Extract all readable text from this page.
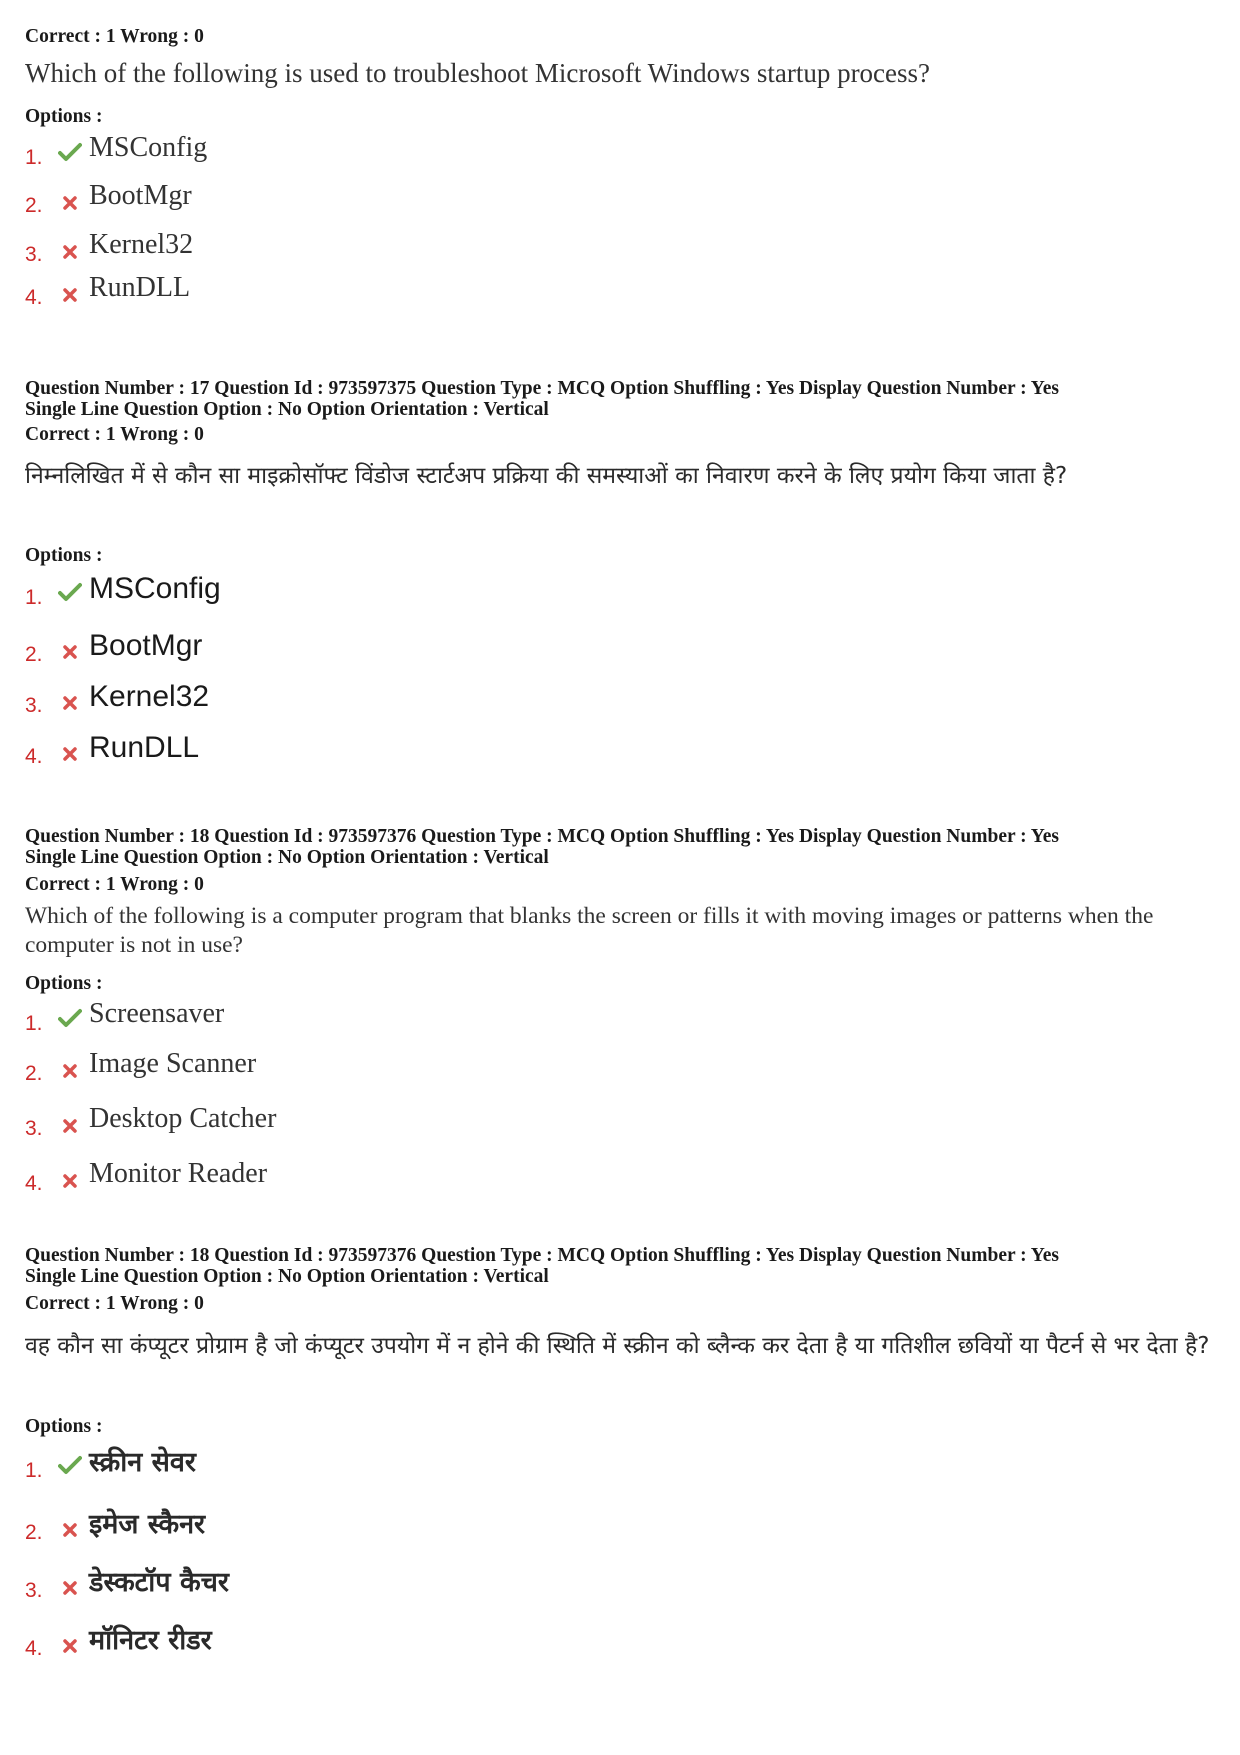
Correct : 1 Wrong : 0
Which of the following is used to troubleshoot Microsoft Windows startup process?
Options :
1.	MSConfig
2.	BootMgr
3.	Kernel32
4.	RunDLL
Question Number : 17 Question Id : 973597375 Question Type : MCQ Option Shuffling : Yes Display Question Number : Yes
Single Line Question Option : No Option Orientation : Vertical
Correct : 1 Wrong : 0
निम्नलिखित में से कौन सा माइक्रोसॉफ्ट विंडोज स्टार्टअप प्रक्रिया की समस्याओं का निवारण करने के लिए प्रयोग किया जाता है?
Options :
1.	MSConfig
2.	BootMgr
3.	Kernel32
4.	RunDLL
Question Number : 18 Question Id : 973597376 Question Type : MCQ Option Shuffling : Yes Display Question Number : Yes
Single Line Question Option : No Option Orientation : Vertical
Correct : 1 Wrong : 0
Which of the following is a computer program that blanks the screen or fills it with moving images or patterns when the computer is not in use?
Options :
1.	Screensaver
2.	Image Scanner
3.	Desktop Catcher
4.	Monitor Reader
Question Number : 18 Question Id : 973597376 Question Type : MCQ Option Shuffling : Yes Display Question Number : Yes
Single Line Question Option : No Option Orientation : Vertical
Correct : 1 Wrong : 0
वह कौन सा कंप्यूटर प्रोग्राम है जो कंप्यूटर उपयोग में न होने की स्थिति में स्क्रीन को ब्लैन्क कर देता है या गतिशील छवियों या पैटर्न से भर देता है?
Options :
1.	स्क्रीन सेवर
2.	इमेज स्कैनर
3.	डेस्कटॉप कैचर
4.	मॉनिटर रीडर
